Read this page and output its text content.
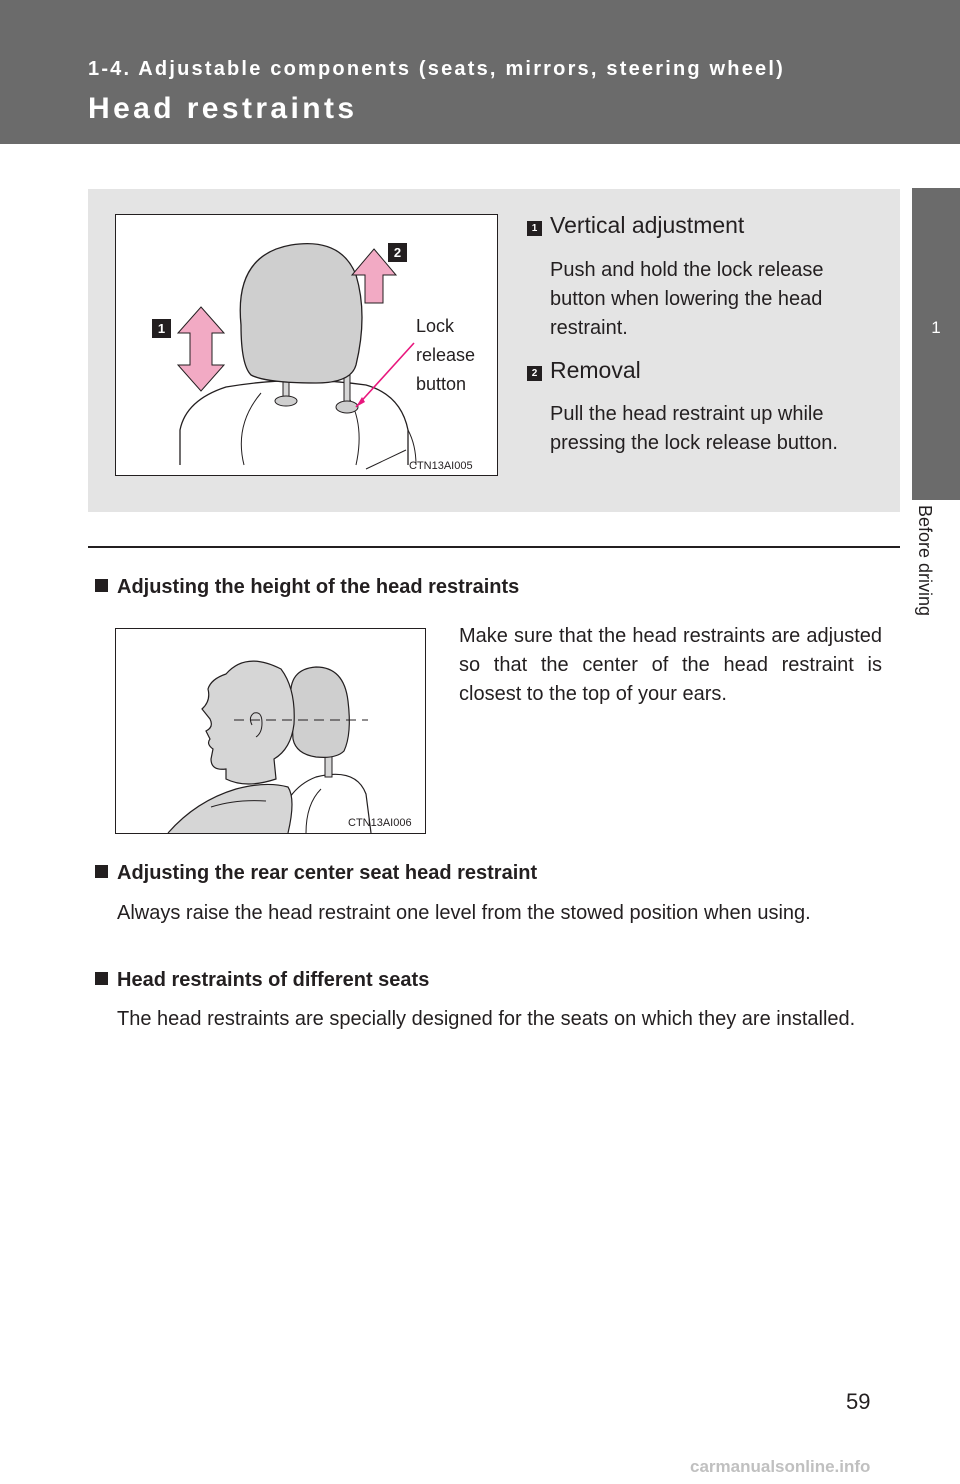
1-4. Adjustable components (seats, mirrors, steering wheel)
Head restraints
1
Before driving
1
2
CTN13AI005
Lock
release
button
1 Vertical adjustment
Push and hold the lock release button when lowering the head restraint.
2 Removal
Pull the head restraint up while pressing the lock release button.
Adjusting the height of the head restraints
CTN13AI006
Make sure that the head restraints are adjusted so that the center of the head restraint is closest to the top of your ears.
Adjusting the rear center seat head restraint
Always raise the head restraint one level from the stowed position when using.
Head restraints of different seats
The head restraints are specially designed for the seats on which they are installed.
59
carmanualsonline.info
